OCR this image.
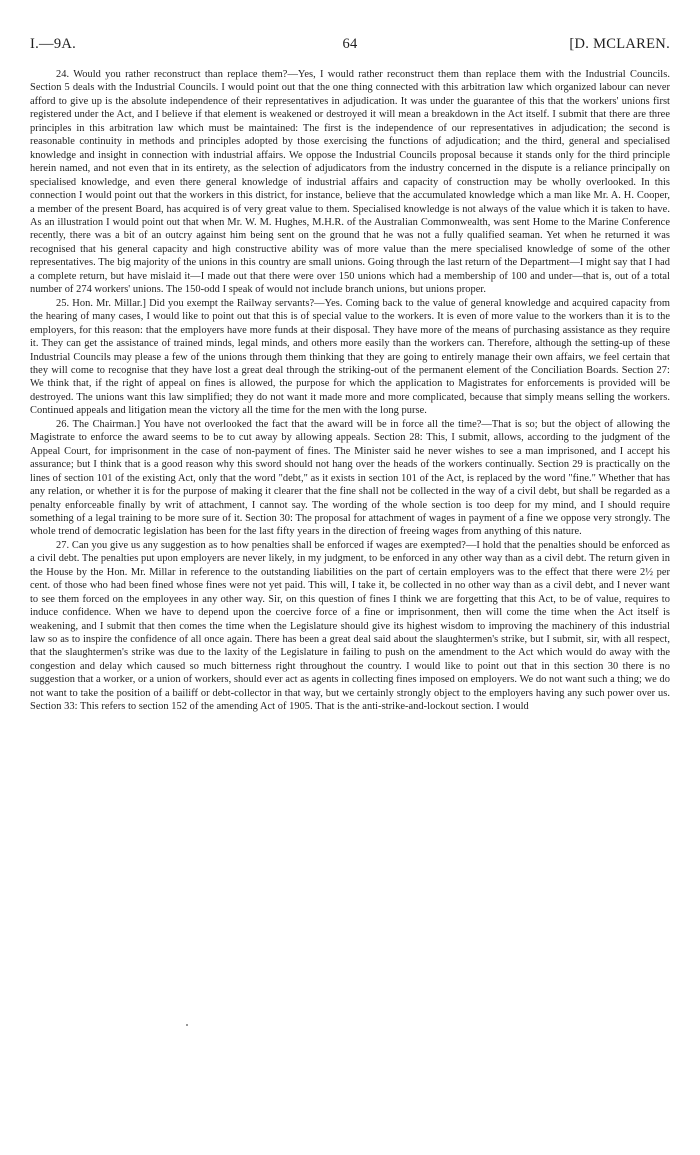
I.—9A.	64	[D. MCLAREN.

24. Would you rather reconstruct than replace them?—Yes, I would rather reconstruct them than replace them with the Industrial Councils. Section 5 deals with the Industrial Councils. I would point out that the one thing connected with this arbitration law which organized labour can never afford to give up is the absolute independence of their representatives in adjudication. It was under the guarantee of this that the workers' unions first registered under the Act, and I believe if that element is weakened or destroyed it will mean a breakdown in the Act itself. I submit that there are three principles in this arbitration law which must be maintained: The first is the independence of our representatives in adjudication; the second is reasonable continuity in methods and principles adopted by those exercising the functions of adjudication; and the third, general and specialised knowledge and insight in connection with industrial affairs. We oppose the Industrial Councils proposal because it stands only for the third principle herein named, and not even that in its entirety, as the selection of adjudicators from the industry concerned in the dispute is a reliance principally on specialised knowledge, and even there general knowledge of industrial affairs and capacity of construction may be wholly overlooked. In this connection I would point out that the workers in this district, for instance, believe that the accumulated knowledge which a man like Mr. A. H. Cooper, a member of the present Board, has acquired is of very great value to them. Specialised knowledge is not always of the value which it is taken to have. As an illustration I would point out that when Mr. W. M. Hughes, M.H.R. of the Australian Commonwealth, was sent Home to the Marine Conference recently, there was a bit of an outcry against him being sent on the ground that he was not a fully qualified seaman. Yet when he returned it was recognised that his general capacity and high constructive ability was of more value than the mere specialised knowledge of some of the other representatives. The big majority of the unions in this country are small unions. Going through the last return of the Department—I might say that I had a complete return, but have mislaid it—I made out that there were over 150 unions which had a membership of 100 and under—that is, out of a total number of 274 workers' unions. The 150-odd I speak of would not include branch unions, but unions proper.

25. Hon. Mr. Millar.] Did you exempt the Railway servants?—Yes. Coming back to the value of general knowledge and acquired capacity from the hearing of many cases, I would like to point out that this is of special value to the workers. It is even of more value to the workers than it is to the employers, for this reason: that the employers have more funds at their disposal. They have more of the means of purchasing assistance as they require it. They can get the assistance of trained minds, legal minds, and others more easily than the workers can. Therefore, although the setting-up of these Industrial Councils may please a few of the unions through them thinking that they are going to entirely manage their own affairs, we feel certain that they will come to recognise that they have lost a great deal through the striking-out of the permanent element of the Conciliation Boards. Section 27: We think that, if the right of appeal on fines is allowed, the purpose for which the application to Magistrates for enforcements is provided will be destroyed. The unions want this law simplified; they do not want it made more and more complicated, because that simply means selling the workers. Continued appeals and litigation mean the victory all the time for the men with the long purse.

26. The Chairman.] You have not overlooked the fact that the award will be in force all the time?—That is so; but the object of allowing the Magistrate to enforce the award seems to be to cut away by allowing appeals. Section 28: This, I submit, allows, according to the judgment of the Appeal Court, for imprisonment in the case of non-payment of fines. The Minister said he never wishes to see a man imprisoned, and I accept his assurance; but I think that is a good reason why this sword should not hang over the heads of the workers continually. Section 29 is practically on the lines of section 101 of the existing Act, only that the word "debt," as it exists in section 101 of the Act, is replaced by the word "fine." Whether that has any relation, or whether it is for the purpose of making it clearer that the fine shall not be collected in the way of a civil debt, but shall be regarded as a penalty enforceable finally by writ of attachment, I cannot say. The wording of the whole section is too deep for my mind, and I should require something of a legal training to be more sure of it. Section 30: The proposal for attachment of wages in payment of a fine we oppose very strongly. The whole trend of democratic legislation has been for the last fifty years in the direction of freeing wages from anything of this nature.

27. Can you give us any suggestion as to how penalties shall be enforced if wages are exempted?—I hold that the penalties should be enforced as a civil debt. The penalties put upon employers are never likely, in my judgment, to be enforced in any other way than as a civil debt. The return given in the House by the Hon. Mr. Millar in reference to the outstanding liabilities on the part of certain employers was to the effect that there were 2½ per cent. of those who had been fined whose fines were not yet paid. This will, I take it, be collected in no other way than as a civil debt, and I never want to see them forced on the employees in any other way. Sir, on this question of fines I think we are forgetting that this Act, to be of value, requires to induce confidence. When we have to depend upon the coercive force of a fine or imprisonment, then will come the time when the Act itself is weakening, and I submit that then comes the time when the Legislature should give its highest wisdom to improving the machinery of this industrial law so as to inspire the confidence of all once again. There has been a great deal said about the slaughtermen's strike, but I submit, sir, with all respect, that the slaughtermen's strike was due to the laxity of the Legislature in failing to push on the amendment to the Act which would do away with the congestion and delay which caused so much bitterness right throughout the country. I would like to point out that in this section 30 there is no suggestion that a worker, or a union of workers, should ever act as agents in collecting fines imposed on employers. We do not want such a thing; we do not want to take the position of a bailiff or debt-collector in that way, but we certainly strongly object to the employers having any such power over us. Section 33: This refers to section 152 of the amending Act of 1905. That is the anti-strike-and-lockout section. I would
